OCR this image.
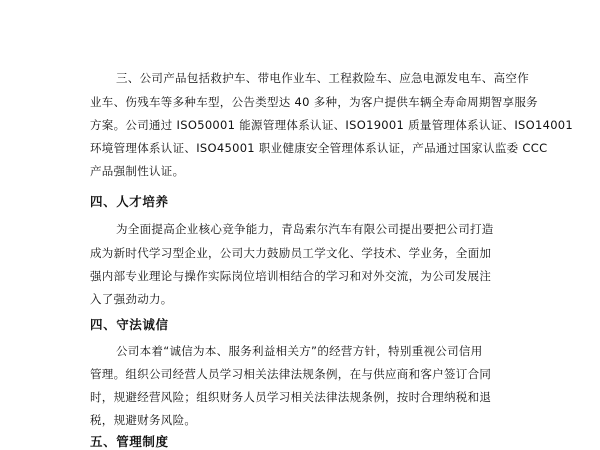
三、公司产品包括救护车、带电作业车、工程救险车、应急电源发电车、高空作
业车、伤残车等多种车型，公告类型达 40 多种，为客户提供车辆全寿命周期智享服务
方案。公司通过 ISO50001 能源管理体系认证、ISO19001 质量管理体系认证、ISO14001
环境管理体系认证、ISO45001 职业健康安全管理体系认证，产品通过国家认监委 CCC
产品强制性认证。
四、人才培养
为全面提高企业核心竞争能力，青岛索尔汽车有限公司提出要把公司打造
成为新时代学习型企业，公司大力鼓励员工学文化、学技术、学业务，全面加
强内部专业理论与操作实际岗位培训相结合的学习和对外交流，为公司发展注
入了强劲动力。
四、守法诚信
公司本着“诚信为本、服务利益相关方”的经营方针，特别重视公司信用
管理。组织公司经营人员学习相关法律法规条例，在与供应商和客户签订合同
时，规避经营风险；组织财务人员学习相关法律法规条例，按时合理纳税和退
税，规避财务风险。
五、管理制度
